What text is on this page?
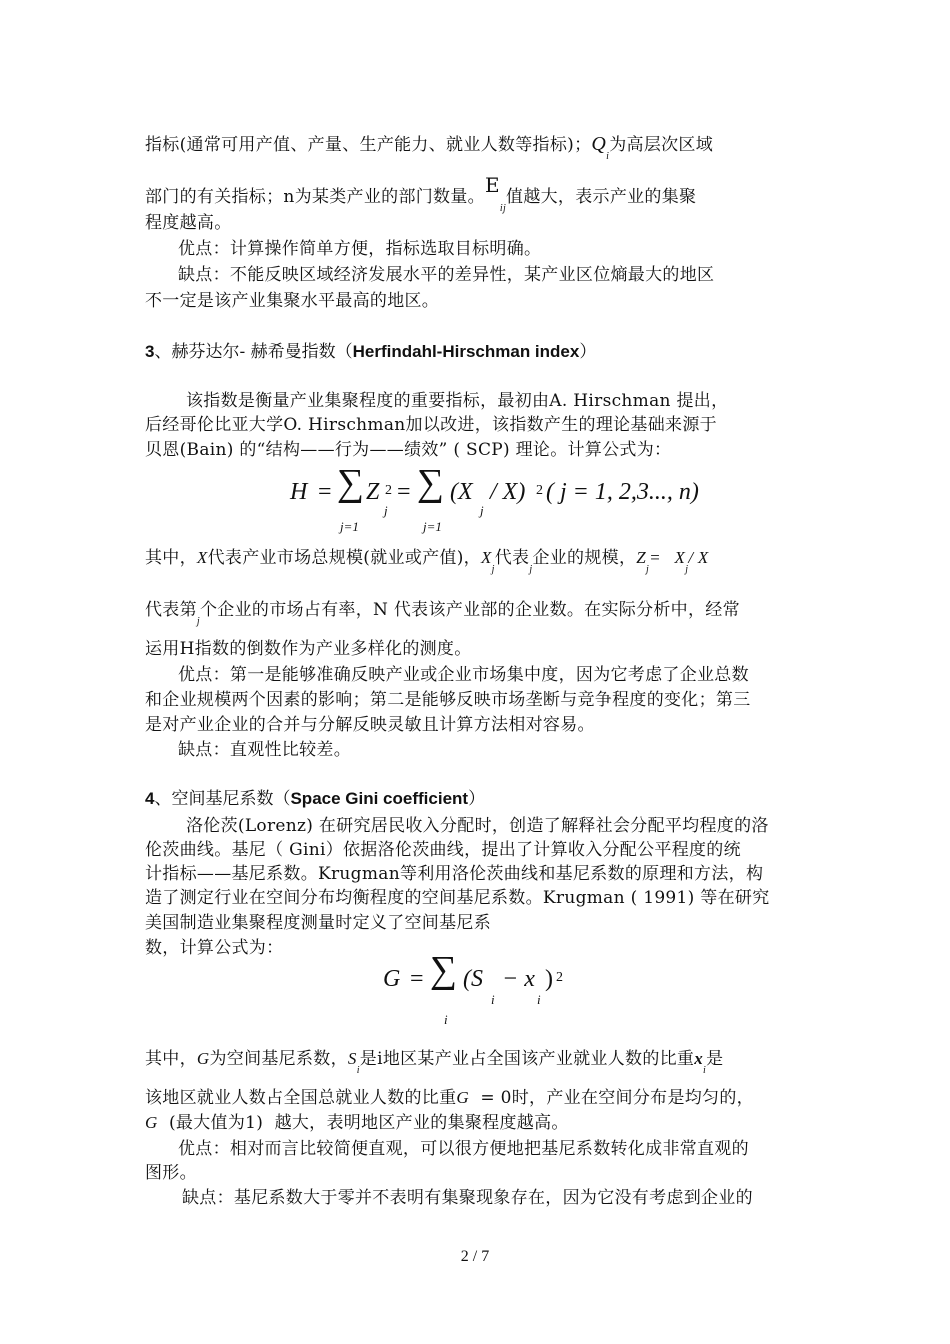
指标(通常可用产值、产量、生产能力、就业人数等指标)；$Q_i$为高层次区域
部门的有关指标；n为某类产业的部门数量。$E_{ij}$值越大，表示产业的集聚
程度越高。
优点：计算操作简单方便，指标选取目标明确。
缺点：不能反映区域经济发展水平的差异性，某产业区位熵最大的地区
不一定是该产业集聚水平最高的地区。
3、赫芬达尔- 赫希曼指数（Herfindahl-Hirschman index）
该指数是衡量产业集聚程度的重要指标，最初由A. Hirschman 提出，
后经哥伦比亚大学O. Hirschman加以改进，该指数产生的理论基础来源于
贝恩(Bain) 的“结构——行为——绩效” ( SCP) 理论。计算公式为：
H = ∑ Z 2
j
= ∑ (X
j
/ X) 2 ( j = 1, 2,3..., n)
j=1	j=1
其中，X代表产业市场总规模(就业或产值)，$X_j$代表$_j$企业的规模，$Z_j= X_j/$ X
代表第$_j$个企业的市场占有率，N 代表该产业部的企业数。在实际分析中，经常
运用H指数的倒数作为产业多样化的测度。
优点：第一是能够准确反映产业或企业市场集中度，因为它考虑了企业总数
和企业规模两个因素的影响；第二是能够反映市场垄断与竞争程度的变化；第三
是对产业企业的合并与分解反映灵敏且计算方法相对容易。
缺点：直观性比较差。
4、空间基尼系数（Space Gini coefficient）
洛伦茨(Lorenz) 在研究居民收入分配时，创造了解释社会分配平均程度的洛
伦茨曲线。基尼（ Gini）依据洛伦茨曲线，提出了计算收入分配公平程度的统
计指标——基尼系数。Krugman等利用洛伦茨曲线和基尼系数的原理和方法，构
造了测定行业在空间分布均衡程度的空间基尼系数。Krugman ( 1991) 等在研究
美国制造业集聚程度测量时定义了空间基尼系
数，计算公式为：
G = ∑ (S
i
− x
i
) 2
i
其中，G为空间基尼系数，$S_i$是i地区某产业占全国该产业就业人数的比重$x_i$是
该地区就业人数占全国总就业人数的比重G  = 0时，产业在空间分布是均匀的，
G  (最大值为1)  越大，表明地区产业的集聚程度越高。
优点：相对而言比较简便直观，可以很方便地把基尼系数转化成非常直观的
图形。
缺点：基尼系数大于零并不表明有集聚现象存在，因为它没有考虑到企业的
2 / 7
